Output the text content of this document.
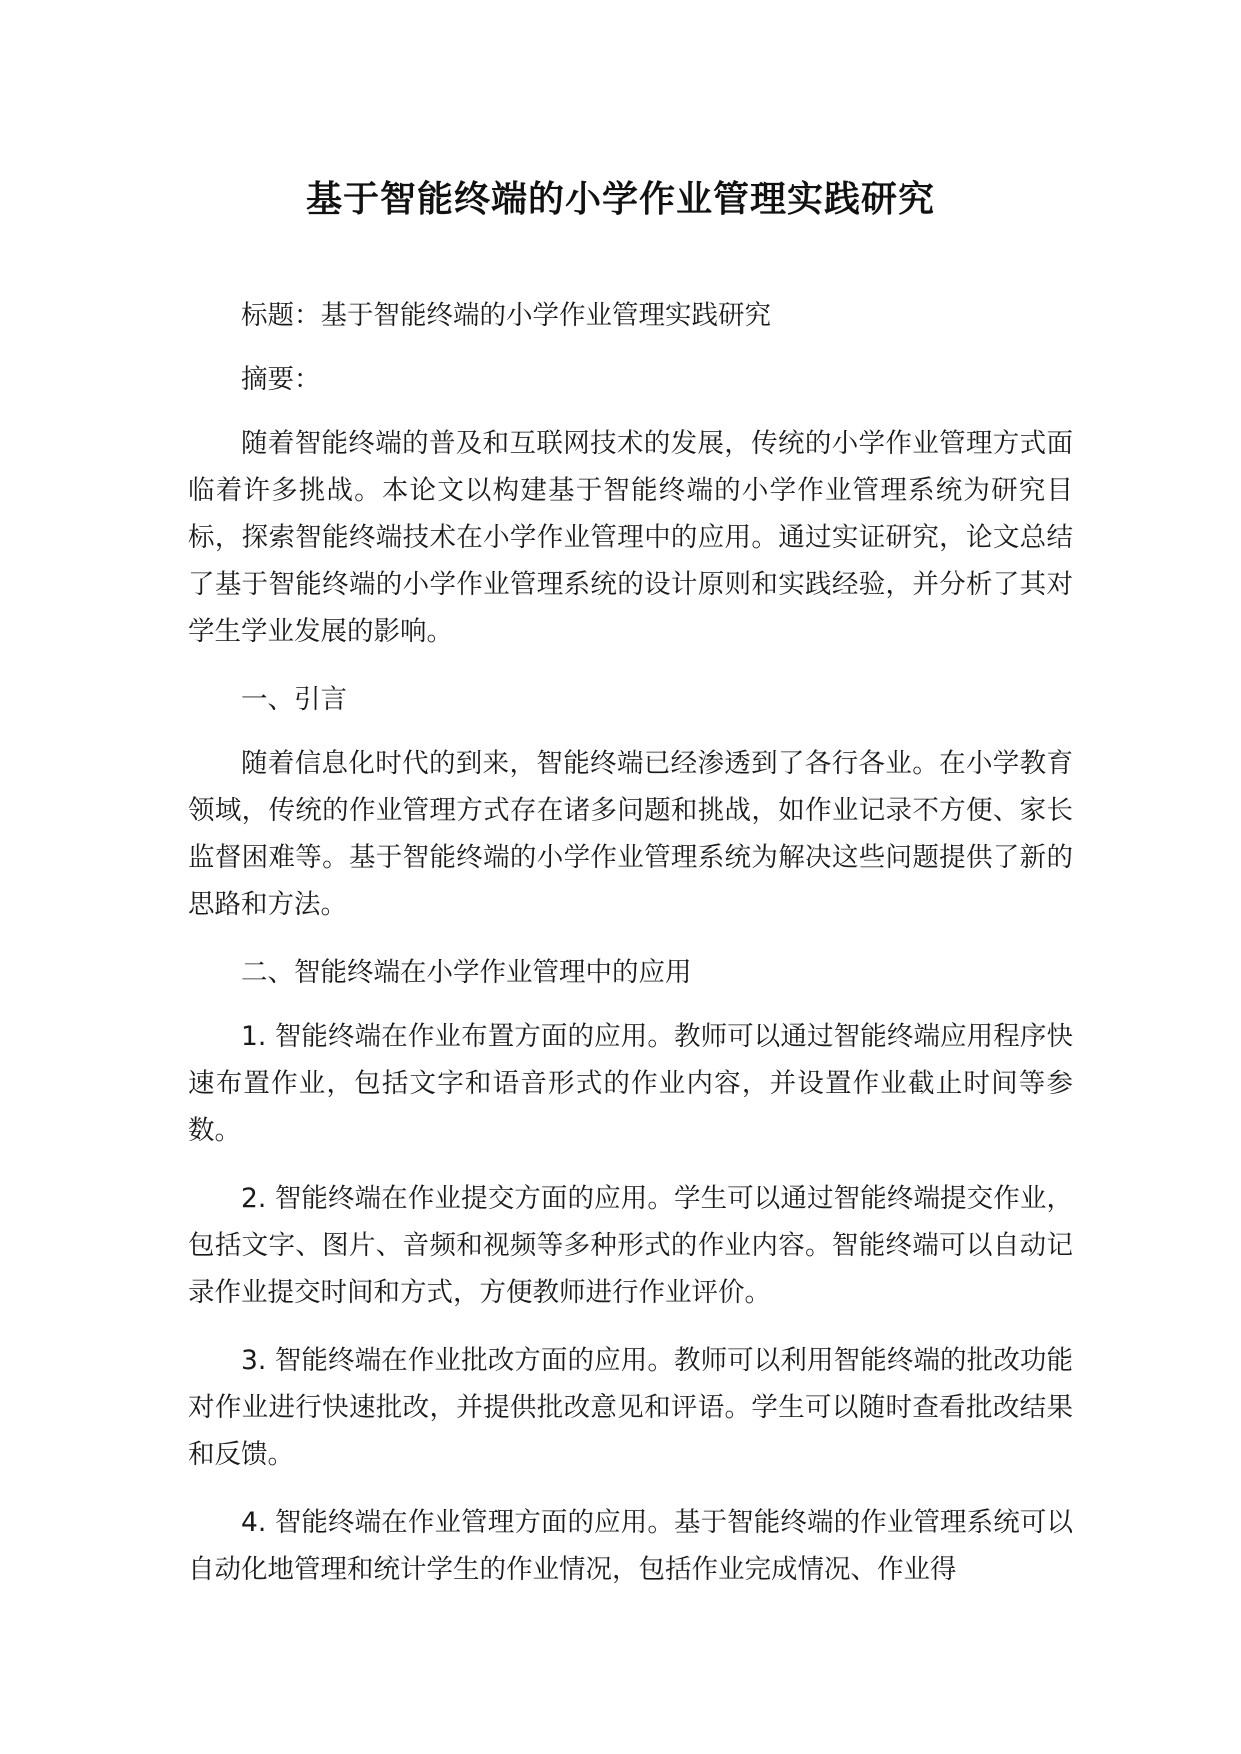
基于智能终端的小学作业管理实践研究

标题：基于智能终端的小学作业管理实践研究

摘要：

随着智能终端的普及和互联网技术的发展，传统的小学作业管理方式面临着许多挑战。本论文以构建基于智能终端的小学作业管理系统为研究目标，探索智能终端技术在小学作业管理中的应用。通过实证研究，论文总结了基于智能终端的小学作业管理系统的设计原则和实践经验，并分析了其对学生学业发展的影响。

一、引言

随着信息化时代的到来，智能终端已经渗透到了各行各业。在小学教育领域，传统的作业管理方式存在诸多问题和挑战，如作业记录不方便、家长监督困难等。基于智能终端的小学作业管理系统为解决这些问题提供了新的思路和方法。

二、智能终端在小学作业管理中的应用

1. 智能终端在作业布置方面的应用。教师可以通过智能终端应用程序快速布置作业，包括文字和语音形式的作业内容，并设置作业截止时间等参数。

2. 智能终端在作业提交方面的应用。学生可以通过智能终端提交作业，包括文字、图片、音频和视频等多种形式的作业内容。智能终端可以自动记录作业提交时间和方式，方便教师进行作业评价。

3. 智能终端在作业批改方面的应用。教师可以利用智能终端的批改功能对作业进行快速批改，并提供批改意见和评语。学生可以随时查看批改结果和反馈。

4. 智能终端在作业管理方面的应用。基于智能终端的作业管理系统可以自动化地管理和统计学生的作业情况，包括作业完成情况、作业得
